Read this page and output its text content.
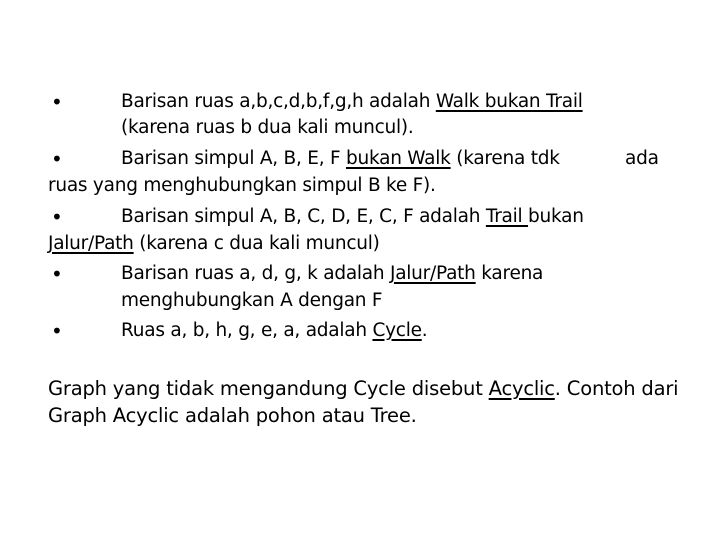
•	Barisan ruas a,b,c,d,b,f,g,h adalah Walk bukan Trail
(karena ruas b dua kali muncul).
•	Barisan simpul A, B, E, F bukan Walk (karena tdk	ada
ruas yang menghubungkan simpul B ke F).
•	Barisan simpul A, B, C, D, E, C, F adalah Trail bukan
Jalur/Path (karena c dua kali muncul)
•	Barisan ruas a, d, g, k adalah Jalur/Path karena
menghubungkan A dengan F
•	Ruas a, b, h, g, e, a, adalah Cycle.
Graph yang tidak mengandung Cycle disebut Acyclic. Contoh dari
Graph Acyclic adalah pohon atau Tree.
